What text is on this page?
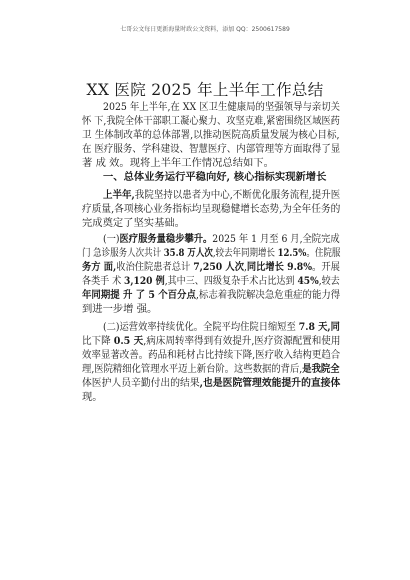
七哥公文每日更新海量时政公文资料，添加 QQ：2500617589
XX 医院 2025 年上半年工作总结
2025 年上半年,在 XX 区卫生健康局的坚强领导与亲切关
怀 下,我院全体干部职工凝心聚力、攻坚克难,紧密围绕区域医药
卫 生体制改革的总体部署,以推动医院高质量发展为核心目标,
在 医疗服务、学科建设、智慧医疗、内部管理等方面取得了显
著 成 效。现将上半年工作情况总结如下。
一、总体业务运行平稳向好, 核心指标实现新增长
上半年,我院坚持以患者为中心,不断优化服务流程,提升医
疗质量,各项核心业务指标均呈现稳健增长态势,为全年任务的
完成奠定了坚实基础。
(一)医疗服务量稳步攀升。2025 年 1 月至 6 月,全院完成
门 急诊服务人次共计 35.8 万人次,较去年同期增长 12.5%。住院服
务方 面,收治住院患者总计 7,250 人次,同比增长 9.8%。开展
各类手 术 3,120 例,其中三、四级复杂手术占比达到 45%,较去
年同期提 升 了 5 个百分点,标志着我院解决急危重症的能力得
到进一步增 强。
(二)运营效率持续优化。全院平均住院日缩短至 7.8 天,同
比下降 0.5 天,病床周转率得到有效提升,医疗资源配置和使用
效率显著改善。药品和耗材占比持续下降,医疗收入结构更趋合
理,医院精细化管理水平迈上新台阶。这些数据的背后,是我院全
体医护人员辛勤付出的结果,也是医院管理效能提升的直接体
现。
